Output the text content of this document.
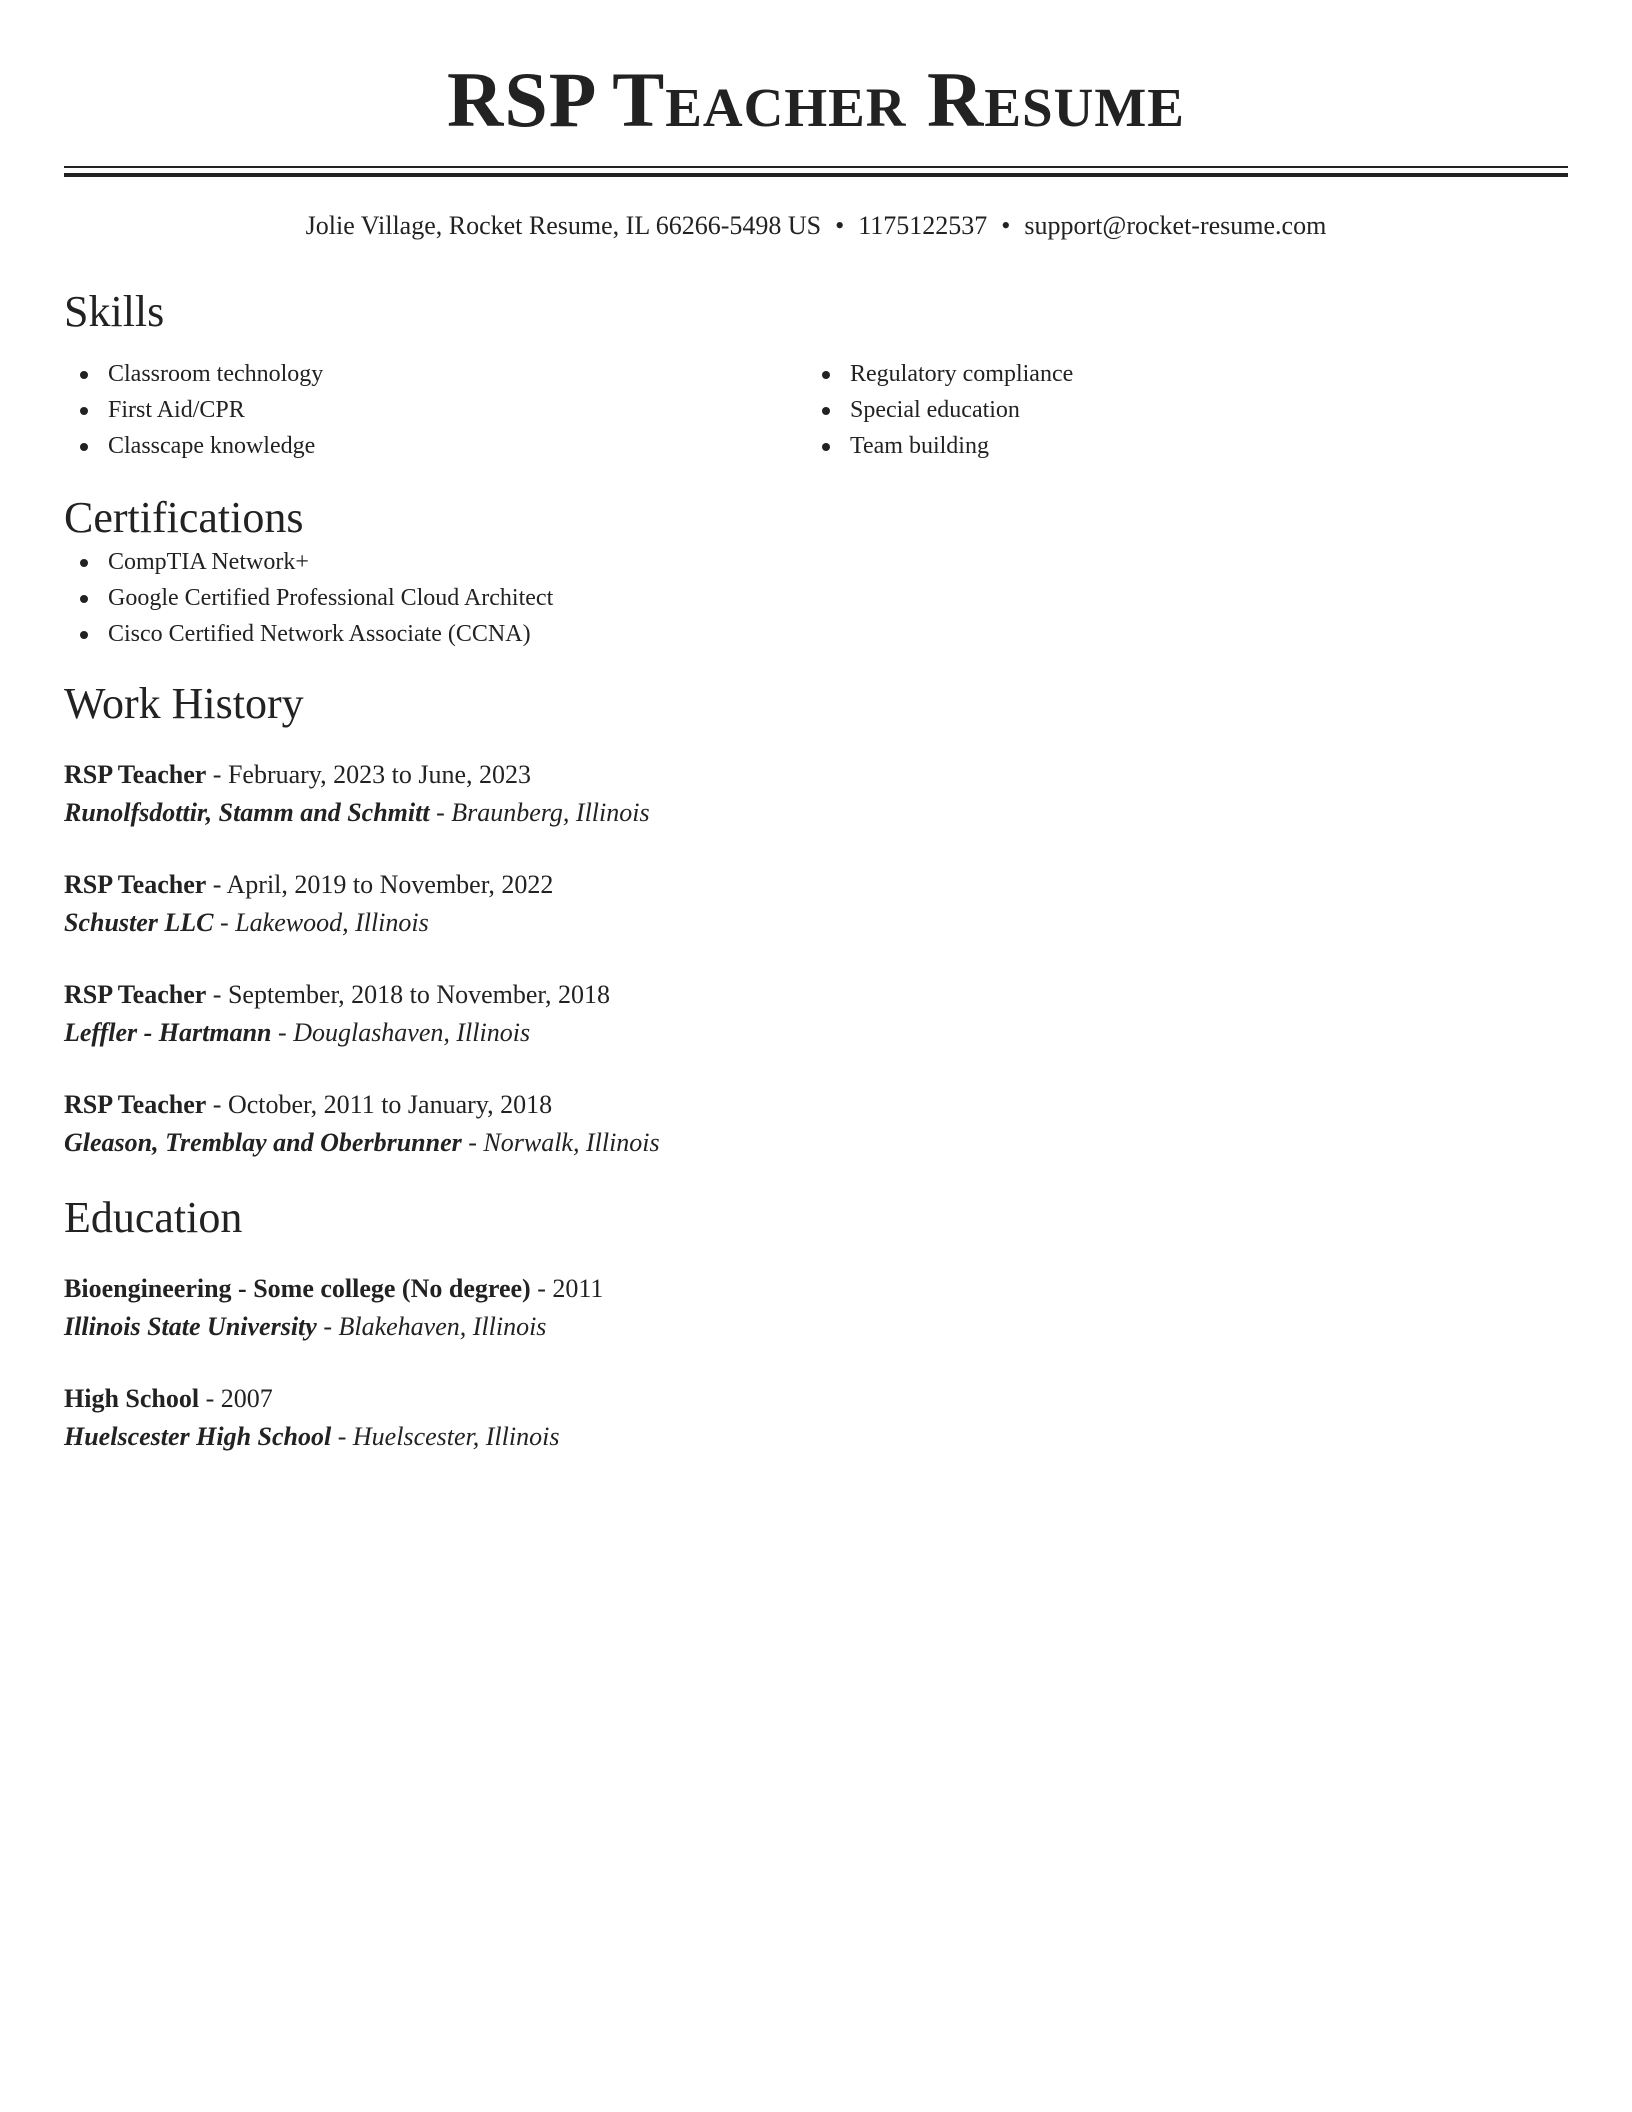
RSP Teacher Resume
Jolie Village, Rocket Resume, IL 66266-5498 US • 1175122537 • support@rocket-resume.com
Skills
Classroom technology
First Aid/CPR
Classcape knowledge
Regulatory compliance
Special education
Team building
Certifications
CompTIA Network+
Google Certified Professional Cloud Architect
Cisco Certified Network Associate (CCNA)
Work History
RSP Teacher - February, 2023 to June, 2023
Runolfsdottir, Stamm and Schmitt - Braunberg, Illinois
RSP Teacher - April, 2019 to November, 2022
Schuster LLC - Lakewood, Illinois
RSP Teacher - September, 2018 to November, 2018
Leffler - Hartmann - Douglashaven, Illinois
RSP Teacher - October, 2011 to January, 2018
Gleason, Tremblay and Oberbrunner - Norwalk, Illinois
Education
Bioengineering - Some college (No degree) - 2011
Illinois State University - Blakehaven, Illinois
High School - 2007
Huelscester High School - Huelscester, Illinois
